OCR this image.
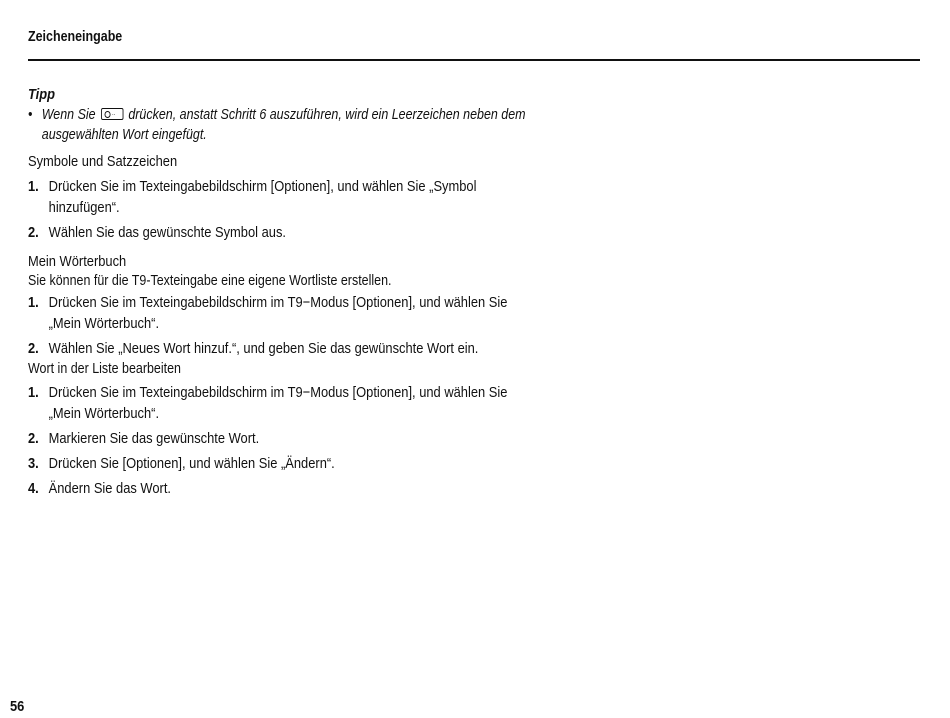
Zeicheneingabe
Tipp
• Wenn Sie .. drücken, anstatt Schritt 6 auszuführen, wird ein Leerzeichen neben dem
ausgewählten Wort eingefügt.
Symbole und Satzzeichen
1. Drücken Sie im Texteingabebildschirm [Optionen], und wählen Sie „Symbol
hinzufügen“.
2. Wählen Sie das gewünschte Symbol aus.
Mein Wörterbuch
Sie können für die T9-Texteingabe eine eigene Wortliste erstellen.
1. Drücken Sie im Texteingabebildschirm im T9−Modus [Optionen], und wählen Sie
„Mein Wörterbuch“.
2. Wählen Sie „Neues Wort hinzuf.“, und geben Sie das gewünschte Wort ein.
Wort in der Liste bearbeiten
1. Drücken Sie im Texteingabebildschirm im T9−Modus [Optionen], und wählen Sie
„Mein Wörterbuch“.
2. Markieren Sie das gewünschte Wort.
3. Drücken Sie [Optionen], und wählen Sie „Ändern“.
4. Ändern Sie das Wort.
56
